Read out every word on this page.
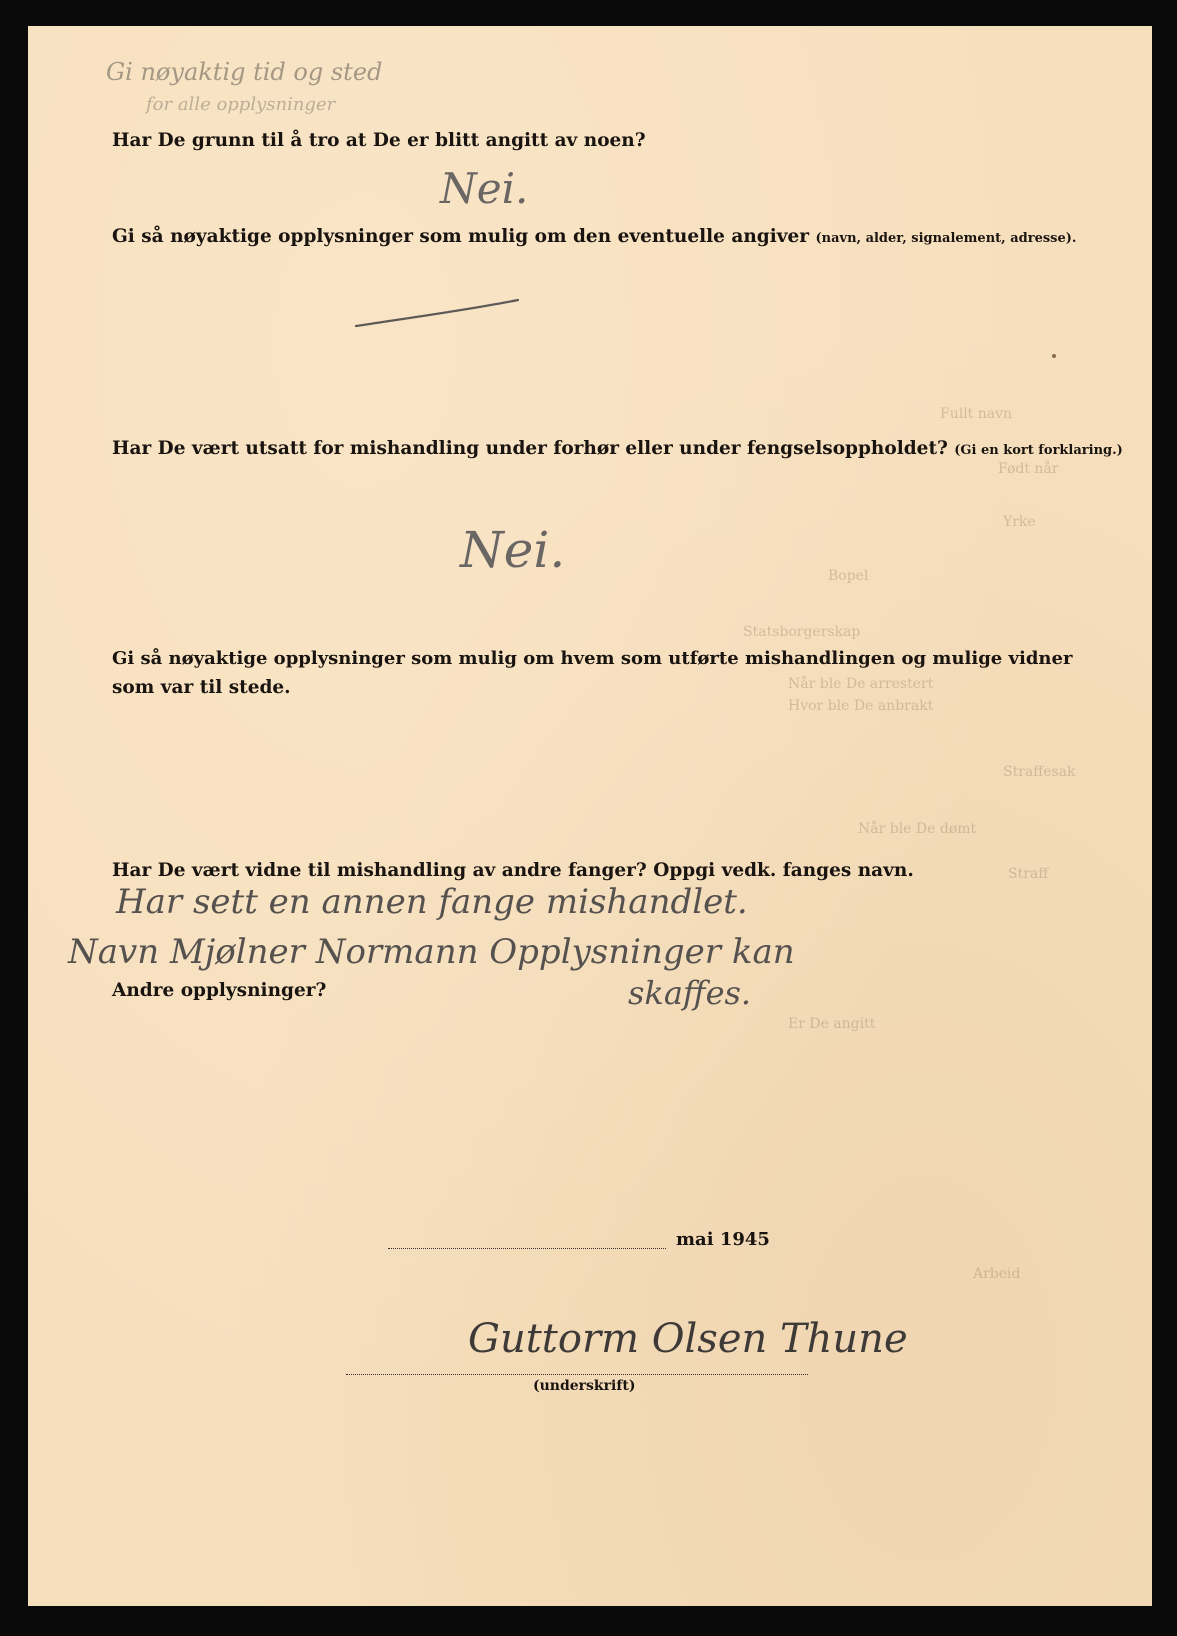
Gi nøyaktig tid og sted
for alle opplysninger
Fullt navn
Født når
Yrke
Bopel
Statsborgerskap
Når ble De arrestert
Hvor ble De anbrakt
Straffesak
Når ble De dømt
Straff
Er De angitt
Arbeid
Har De grunn til å tro at De er blitt angitt av noen?
Nei.
Gi så nøyaktige opplysninger som mulig om den eventuelle angiver (navn, alder, signalement, adresse).
Har De vært utsatt for mishandling under forhør eller under fengselsoppholdet? (Gi en kort forklaring.)
Nei.
Gi så nøyaktige opplysninger som mulig om hvem som utførte mishandlingen og mulige vidner
som var til stede.
Har De vært vidne til mishandling av andre fanger? Oppgi vedk. fanges navn.
Har sett en annen fange mishandlet.
Navn Mjølner Normann Opplysninger kan
skaffes.
Andre opplysninger?
mai 1945
Guttorm Olsen Thune
(underskrift)
